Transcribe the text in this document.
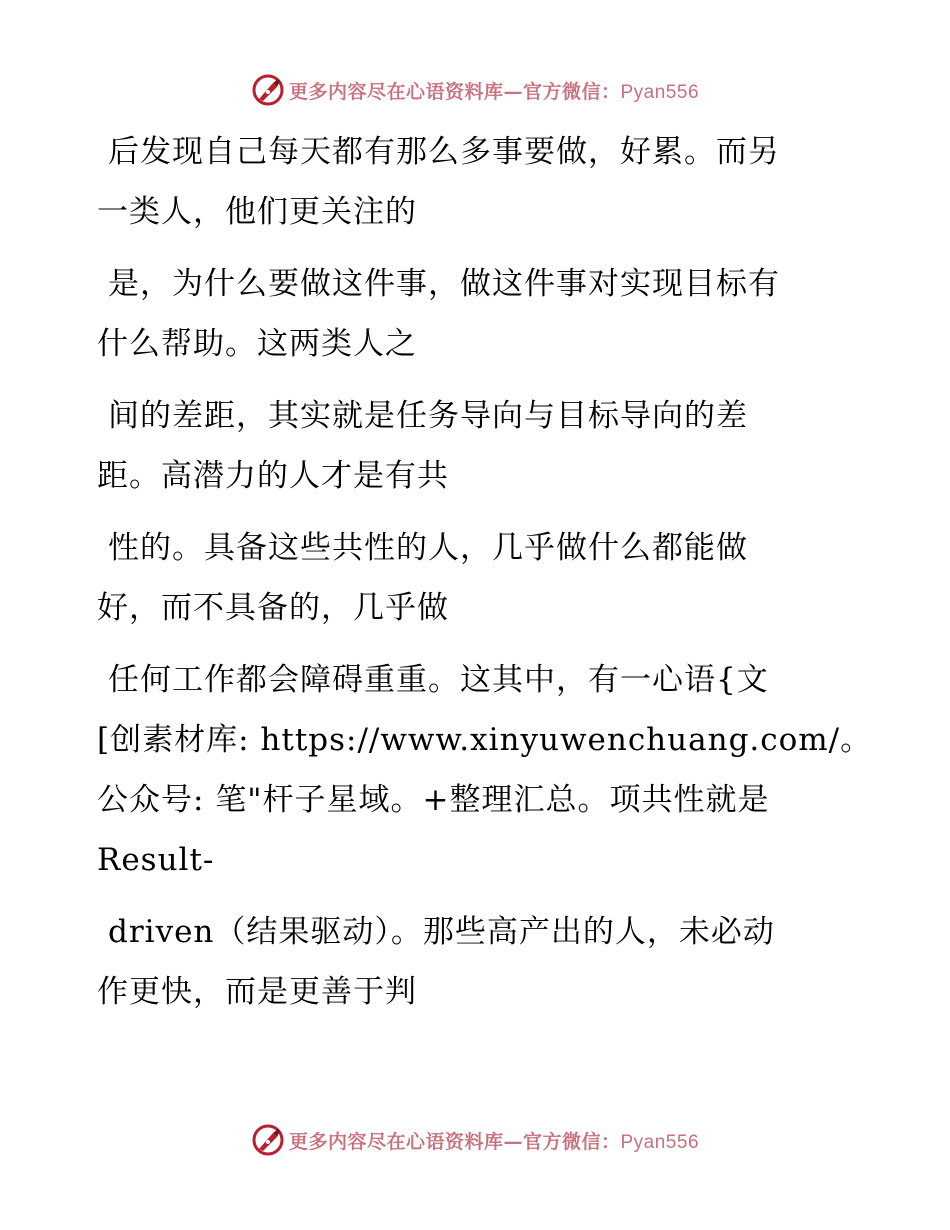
更多内容尽在心语资料库—官方微信：Pyan556
后发现自己每天都有那么多事要做，好累。而另
一类人，他们更关注的
是，为什么要做这件事，做这件事对实现目标有
什么帮助。这两类人之
间的差距，其实就是任务导向与目标导向的差
距。高潜力的人才是有共
性的。具备这些共性的人，几乎做什么都能做
好，而不具备的，几乎做
任何工作都会障碍重重。这其中，有一心语{文
[创素材库: https://www.xinyuwenchuang.com/。
公众号: 笔"杆子星域。+整理汇总。项共性就是
Result-
driven（结果驱动）。那些高产出的人，未必动
作更快，而是更善于判
更多内容尽在心语资料库—官方微信：Pyan556
